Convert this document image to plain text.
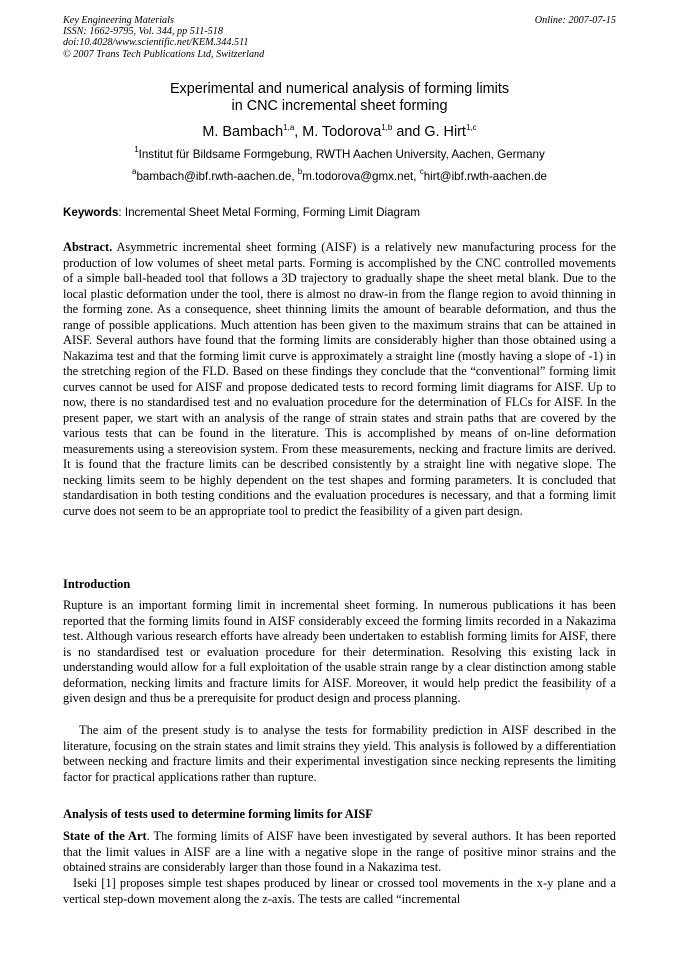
Key Engineering Materials
ISSN: 1662-9795, Vol. 344, pp 511-518
doi:10.4028/www.scientific.net/KEM.344.511
© 2007 Trans Tech Publications Ltd, Switzerland
Online: 2007-07-15
Experimental and numerical analysis of forming limits
in CNC incremental sheet forming
M. Bambach$^{1,a}$, M. Todorova$^{1,b}$ and G. Hirt$^{1,c}$
$^1$Institut für Bildsame Formgebung, RWTH Aachen University, Aachen, Germany
$^a$bambach@ibf.rwth-aachen.de, $^b$m.todorova@gmx.net, $^c$hirt@ibf.rwth-aachen.de
Keywords: Incremental Sheet Metal Forming, Forming Limit Diagram

Abstract. Asymmetric incremental sheet forming (AISF) is a relatively new manufacturing process for the production of low volumes of sheet metal parts. Forming is accomplished by the CNC controlled movements of a simple ball-headed tool that follows a 3D trajectory to gradually shape the sheet metal blank. Due to the local plastic deformation under the tool, there is almost no draw-in from the flange region to avoid thinning in the forming zone. As a consequence, sheet thinning limits the amount of bearable deformation, and thus the range of possible applications. Much attention has been given to the maximum strains that can be attained in AISF. Several authors have found that the forming limits are considerably higher than those obtained using a Nakazima test and that the forming limit curve is approximately a straight line (mostly having a slope of -1) in the stretching region of the FLD. Based on these findings they conclude that the “conventional” forming limit curves cannot be used for AISF and propose dedicated tests to record forming limit diagrams for AISF. Up to now, there is no standardised test and no evaluation procedure for the determination of FLCs for AISF. In the present paper, we start with an analysis of the range of strain states and strain paths that are covered by the various tests that can be found in the literature. This is accomplished by means of on-line deformation measurements using a stereovision system. From these measurements, necking and fracture limits are derived. It is found that the fracture limits can be described consistently by a straight line with negative slope. The necking limits seem to be highly dependent on the test shapes and forming parameters. It is concluded that standardisation in both testing conditions and the evaluation procedures is necessary, and that a forming limit curve does not seem to be an appropriate tool to predict the feasibility of a given part design.

Introduction

Rupture is an important forming limit in incremental sheet forming. In numerous publications it has been reported that the forming limits found in AISF considerably exceed the forming limits recorded in a Nakazima test. Although various research efforts have already been undertaken to establish forming limits for AISF, there is no standardised test or evaluation procedure for their determination. Resolving this existing lack in understanding would allow for a full exploitation of the usable strain range by a clear distinction among stable deformation, necking limits and fracture limits for AISF. Moreover, it would help predict the feasibility of a given design and thus be a prerequisite for product design and process planning.

The aim of the present study is to analyse the tests for formability prediction in AISF described in the literature, focusing on the strain states and limit strains they yield. This analysis is followed by a differentiation between necking and fracture limits and their experimental investigation since necking represents the limiting factor for practical applications rather than rupture.

Analysis of tests used to determine forming limits for AISF

State of the Art. The forming limits of AISF have been investigated by several authors. It has been reported that the limit values in AISF are a line with a negative slope in the range of positive minor strains and the obtained strains are considerably larger than those found in a Nakazima test.

Iseki [1] proposes simple test shapes produced by linear or crossed tool movements in the x-y plane and a vertical step-down movement along the z-axis. The tests are called “incremental
